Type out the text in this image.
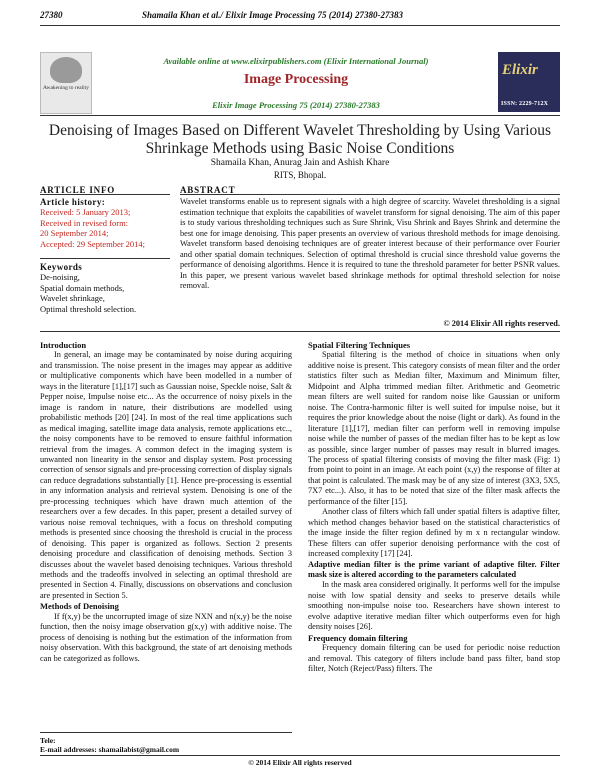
27380	Shamaila Khan et al./ Elixir Image Processing 75 (2014) 27380-27383
Awakening to reality
Elixir
ISSN: 2229-712X
Available online at www.elixirpublishers.com (Elixir International Journal)
Image Processing
Elixir Image Processing 75 (2014) 27380-27383
Denoising of Images Based on Different Wavelet Thresholding by Using Various Shrinkage Methods using Basic Noise Conditions
Shamaila Khan, Anurag Jain and Ashish Khare
RITS, Bhopal.
ARTICLE INFO
Article history:
Received: 5 January 2013;
Received in revised form:
20 September 2014;
Accepted: 29 September 2014;
Keywords
De-noising,
Spatial domain methods,
Wavelet shrinkage,
Optimal threshold selection.
ABSTRACT
Wavelet transforms enable us to represent signals with a high degree of scarcity. Wavelet thresholding is a signal estimation technique that exploits the capabilities of wavelet transform for signal denoising. The aim of this paper is to study various thresholding techniques such as Sure Shrink, Visu Shrink and Bayes Shrink and determine the best one for image denoising. This paper presents an overview of various threshold methods for image denoising. Wavelet transform based denoising techniques are of greater interest because of their performance over Fourier and other spatial domain techniques. Selection of optimal threshold is crucial since threshold value governs the performance of denoising algorithms. Hence it is required to tune the threshold parameter for better PSNR values. In this paper, we present various wavelet based shrinkage methods for optimal threshold selection for noise removal.
© 2014 Elixir All rights reserved.
Introduction

In general, an image may be contaminated by noise during acquiring and transmission. The noise present in the images may appear as additive or multiplicative components which have been modelled in a number of ways in the literature [1],[17] such as Gaussian noise, Speckle noise, Salt & Pepper noise, Impulse noise etc... As the occurrence of noisy pixels in the image is random in nature, their distributions are modelled using probabilistic methods [20] [24]. In most of the real time applications such as medical imaging, satellite image data analysis, remote applications etc.., the noisy components have to be removed to ensure faithful information retrieval from the images. A common defect in the imaging system is unwanted non linearity in the sensor and display system. Post processing correction of sensor signals and pre-processing correction of display signals can reduce degradations substantially [1]. Hence pre-processing is essential in any information analysis and retrieval system. Denoising is one of the pre-processing techniques which have drawn much attention of the researchers over a few decades. In this paper, present a detailed survey of various noise removal techniques, with a focus on threshold computing methods is presented since choosing the threshold is crucial in the process of denoising. This paper is organized as follows. Section 2 presents denoising procedure and classification of denoising methods. Section 3 discusses about the wavelet based denoising techniques. Various threshold methods and the tradeoffs involved in selecting an optimal threshold are presented in Section 4. Finally, discussions on observations and conclusion are presented in Section 5.

Methods of Denoising

If f(x,y) be the uncorrupted image of size NXN and n(x,y) be the noise function, then the noisy image observation g(x,y) with additive noise. The process of denoising is nothing but the estimation of the information from noisy observation. With this background, the state of art denoising methods can be categorized as follows.

Tele:
E-mail addresses: shamailabist@gmail.com
Spatial Filtering Techniques

Spatial filtering is the method of choice in situations when only additive noise is present. This category consists of mean filter and the order statistics filter such as Median filter, Maximum and Minimum filter, Midpoint and Alpha trimmed median filter. Arithmetic and Geometric mean filters are well suited for random noise like Gaussian or uniform noise. The Contra-harmonic filter is well suited for impulse noise, but it requires the prior knowledge about the noise (light or dark). As found in the literature [1],[17], median filter can perform well in removing impulse noise while the number of passes of the median filter has to be kept as low as possible, since larger number of passes may result in blurred images. The process of spatial filtering consists of moving the filter mask (Fig: 1) from point to point in an image. At each point (x,y) the response of filter at that point is calculated. The mask may be of any size of interest (3X3, 5X5, 7X7 etc...). Also, it has to be noted that size of the filter mask affects the performance of the filter [15].

Another class of filters which fall under spatial filters is adaptive filter, which method changes behavior based on the statistical characteristics of the image inside the filter region defined by m x n rectangular window. These filters can offer superior denoising performance with the cost of increased complexity [17] [24].

Adaptive median filter is the prime variant of adaptive filter. Filter mask size is altered according to the parameters calculated

In the mask area considered originally. It performs well for the impulse noise with low spatial density and seeks to preserve details while smoothing non-impulse noise too. Researchers have shown interest to evolve adaptive iterative median filter which outperforms even for high density noises [26].

Frequency domain filtering

Frequency domain filtering can be used for periodic noise reduction and removal. This category of filters include band pass filter, band stop filter, Notch (Reject/Pass) filters. The

© 2014 Elixir All rights reserved
